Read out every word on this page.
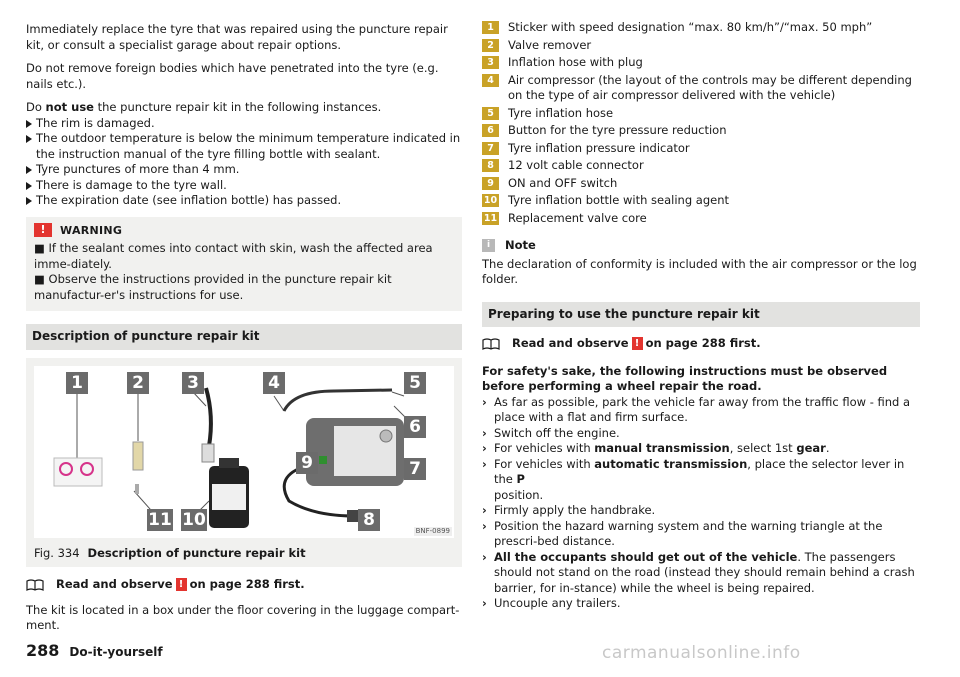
Immediately replace the tyre that was repaired using the puncture repair kit, or consult a specialist garage about repair options.

Do not remove foreign bodies which have penetrated into the tyre (e.g. nails etc.).

Do not use the puncture repair kit in the following instances.

The rim is damaged.
The outdoor temperature is below the minimum temperature indicated in the instruction manual of the tyre filling bottle with sealant.
Tyre punctures of more than 4 mm.
There is damage to the tyre wall.
The expiration date (see inflation bottle) has passed.
!	WARNING

■ If the sealant comes into contact with skin, wash the affected area imme-diately.

■ Observe the instructions provided in the puncture repair kit manufactur-er's instructions for use.

Description of puncture repair kit
1	2	3	4	5
6
7
8
9
10
11
BNF-0899
Fig. 334 Description of puncture repair kit
Read and observe ! on page 288 first.

The kit is located in a box under the floor covering in the luggage compart-ment.

1	Sticker with speed designation “max. 80 km/h”/“max. 50 mph”
2	Valve remover
3	Inflation hose with plug
4	Air compressor (the layout of the controls may be different depending on the type of air compressor delivered with the vehicle)
5	Tyre inflation hose
6	Button for the tyre pressure reduction
7	Tyre inflation pressure indicator
8	12 volt cable connector
9	ON and OFF switch
10 Tyre inflation bottle with sealing agent
11 Replacement valve core
i	Note

The declaration of conformity is included with the air compressor or the log folder.

Preparing to use the puncture repair kit
Read and observe ! on page 288 first.

For safety's sake, the following instructions must be observed before performing a wheel repair the road.

› As far as possible, park the vehicle far away from the traffic flow - find a place with a flat and firm surface.
› Switch off the engine.
› For vehicles with manual transmission, select 1st gear.
› For vehicles with automatic transmission, place the selector lever in the P
position.
› Firmly apply the handbrake.
› Position the hazard warning system and the warning triangle at the prescri-bed distance.
› All the occupants should get out of the vehicle. The passengers should not stand on the road (instead they should remain behind a crash barrier, for in-stance) while the wheel is being repaired.
› Uncouple any trailers.
288 Do-it-yourself	carmanualsonline.info
